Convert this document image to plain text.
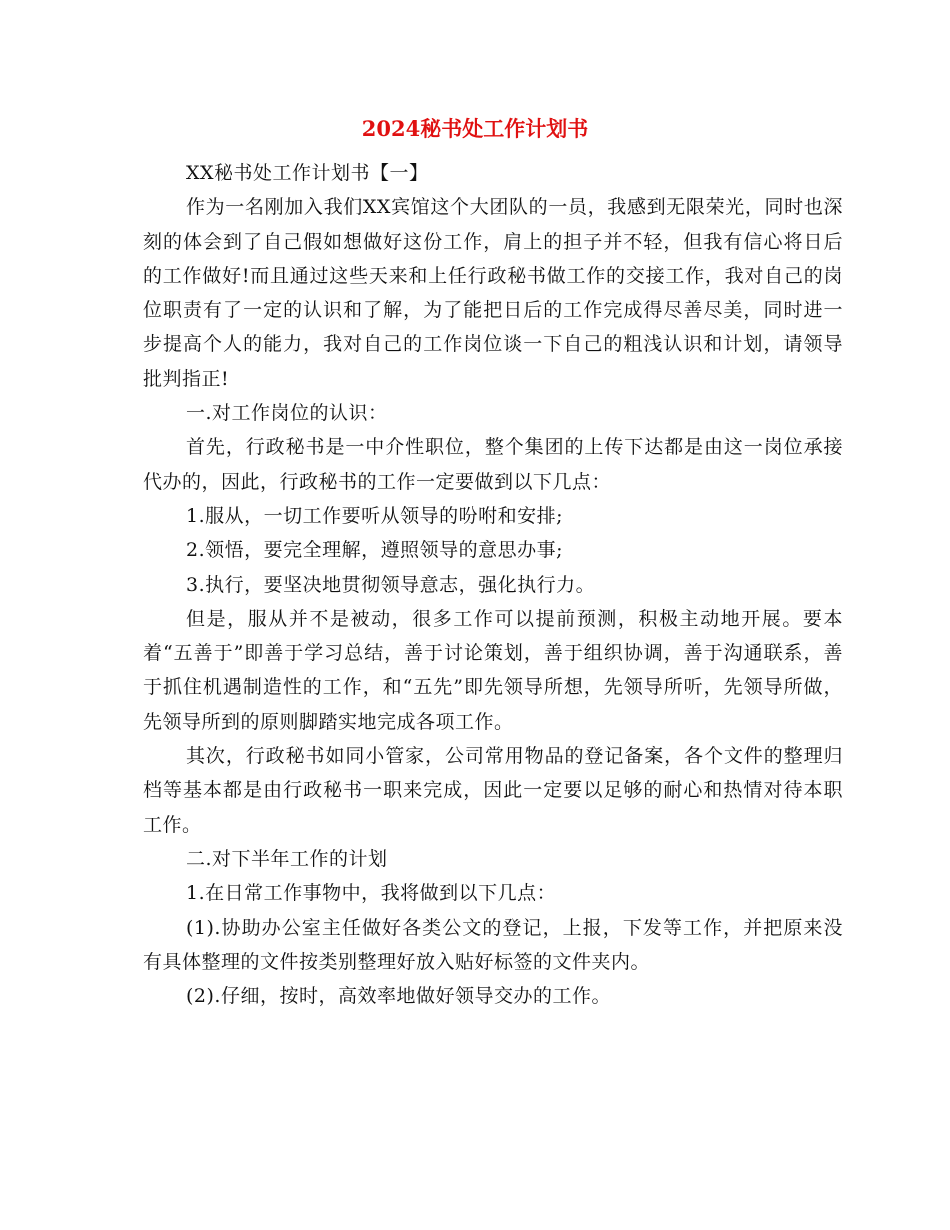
2024秘书处工作计划书

XX秘书处工作计划书【一】

作为一名刚加入我们XX宾馆这个大团队的一员，我感到无限荣光，同时也深刻的体会到了自己假如想做好这份工作，肩上的担子并不轻，但我有信心将日后的工作做好!而且通过这些天来和上任行政秘书做工作的交接工作，我对自己的岗位职责有了一定的认识和了解，为了能把日后的工作完成得尽善尽美，同时进一步提高个人的能力，我对自己的工作岗位谈一下自己的粗浅认识和计划，请领导批判指正!

一.对工作岗位的认识：

首先，行政秘书是一中介性职位，整个集团的上传下达都是由这一岗位承接代办的，因此，行政秘书的工作一定要做到以下几点：

1.服从，一切工作要听从领导的吩咐和安排;

2.领悟，要完全理解，遵照领导的意思办事;

3.执行，要坚决地贯彻领导意志，强化执行力。

但是，服从并不是被动，很多工作可以提前预测，积极主动地开展。要本着“五善于”即善于学习总结，善于讨论策划，善于组织协调，善于沟通联系，善于抓住机遇制造性的工作，和“五先”即先领导所想，先领导所听，先领导所做，先领导所到的原则脚踏实地完成各项工作。

其次，行政秘书如同小管家，公司常用物品的登记备案，各个文件的整理归档等基本都是由行政秘书一职来完成，因此一定要以足够的耐心和热情对待本职工作。

二.对下半年工作的计划

1.在日常工作事物中，我将做到以下几点：

(1).协助办公室主任做好各类公文的登记，上报，下发等工作，并把原来没有具体整理的文件按类别整理好放入贴好标签的文件夹内。

(2).仔细，按时，高效率地做好领导交办的工作。
